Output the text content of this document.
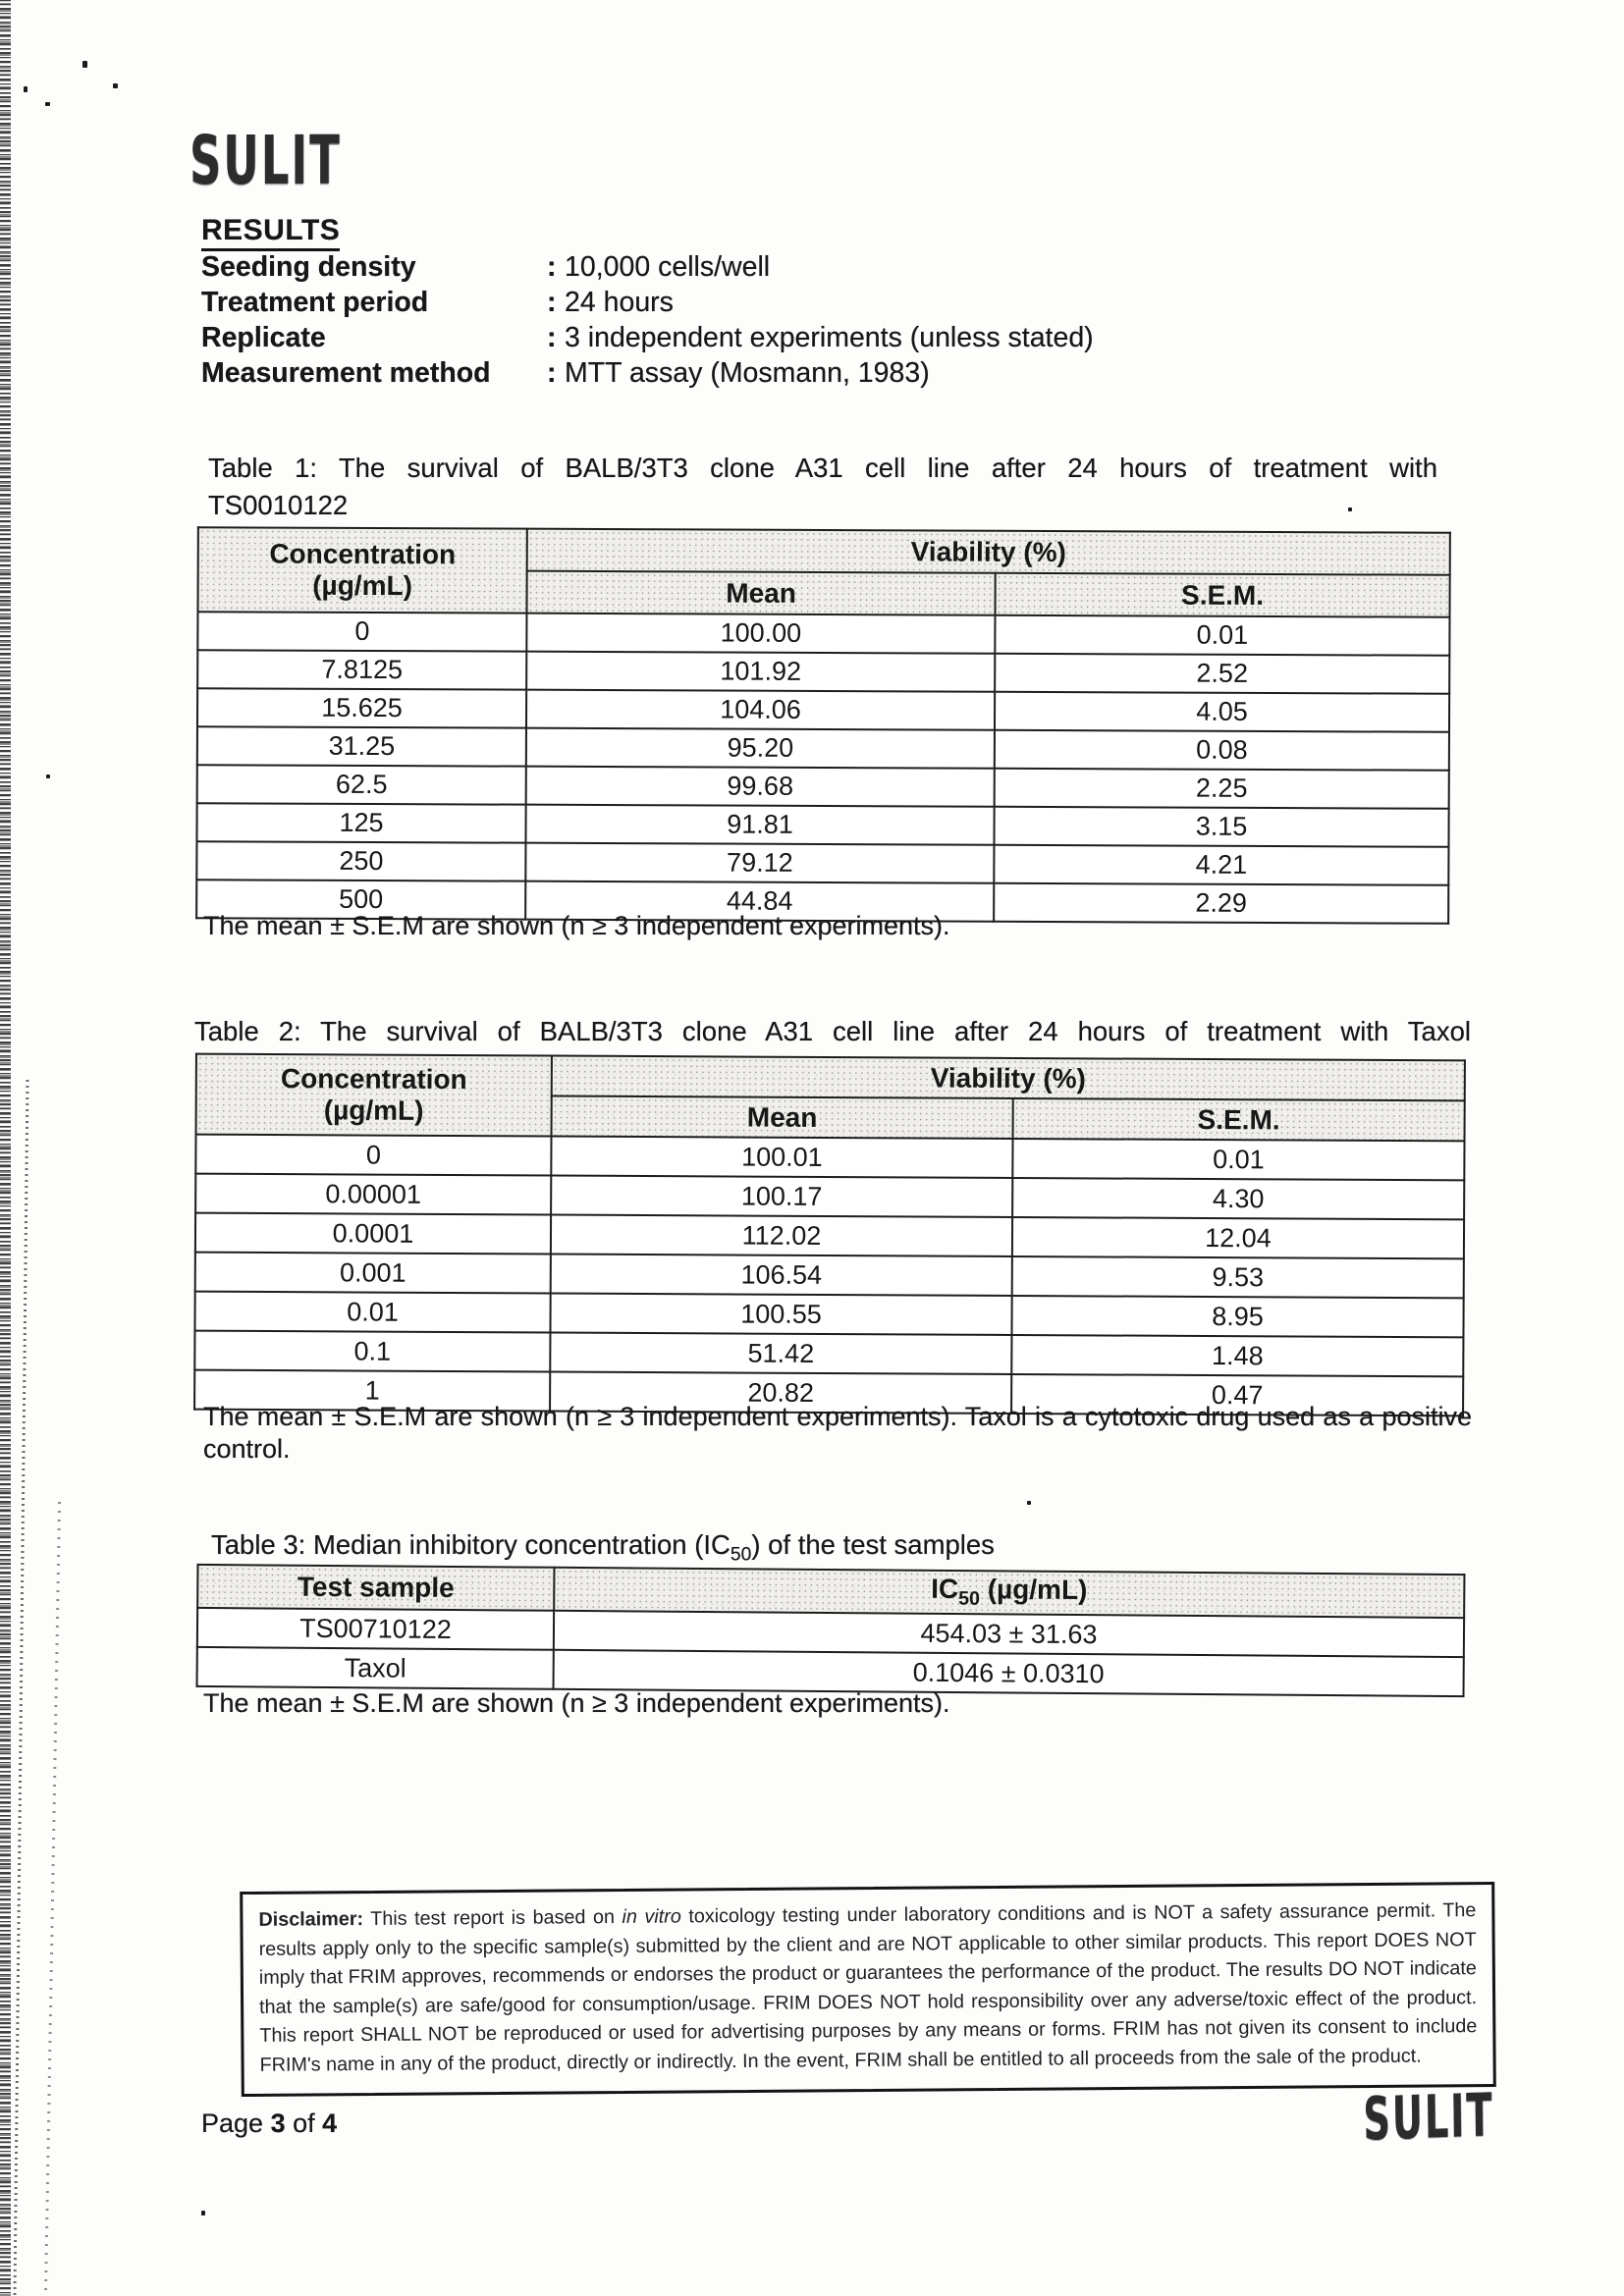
SULIT
RESULTS
Seeding density	: 10,000 cells/well
Treatment period	: 24 hours
Replicate	: 3 independent experiments (unless stated)
Measurement method	: MTT assay (Mosmann, 1983)
Table 1: The survival of BALB/3T3 clone A31 cell line after 24 hours of treatment with
TS0010122
Concentration
(µg/mL)	Viability (%)	
	Mean	S.E.M.
0	100.00	0.01
7.8125	101.92	2.52
15.625	104.06	4.05
31.25	95.20	0.08
62.5	99.68	2.25
125	91.81	3.15
250	79.12	4.21
500	44.84	2.29
The mean ± S.E.M are shown (n ≥ 3 independent experiments).
Table 2: The survival of BALB/3T3 clone A31 cell line after 24 hours of treatment with Taxol
Concentration
(µg/mL)	Viability (%)	
	Mean	S.E.M.
0	100.01	0.01
0.00001	100.17	4.30
0.0001	112.02	12.04
0.001	106.54	9.53
0.01	100.55	8.95
0.1	51.42	1.48
1	20.82	0.47
The mean ± S.E.M are shown (n ≥ 3 independent experiments). Taxol is a cytotoxic drug used as a positive control.
Table 3: Median inhibitory concentration $(IC_{50})$ of the test samples
Test sample	$IC_{50}$ (µg/mL)
TS00710122	454.03 ± 31.63
Taxol	0.1046 ± 0.0310
The mean ± S.E.M are shown (n ≥ 3 independent experiments).
Disclaimer: This test report is based on in vitro toxicology testing under laboratory conditions and is NOT a safety assurance permit. The results apply only to the specific sample(s) submitted by the client and are NOT applicable to other similar products. This report DOES NOT imply that FRIM approves, recommends or endorses the product or guarantees the performance of the product. The results DO NOT indicate that the sample(s) are safe/good for consumption/usage. FRIM DOES NOT hold responsibility over any adverse/toxic effect of the product. This report SHALL NOT be reproduced or used for advertising purposes by any means or forms. FRIM has not given its consent to include FRIM's name in any of the product, directly or indirectly. In the event, FRIM shall be entitled to all proceeds from the sale of the product.
Page 3 of 4	SULIT
